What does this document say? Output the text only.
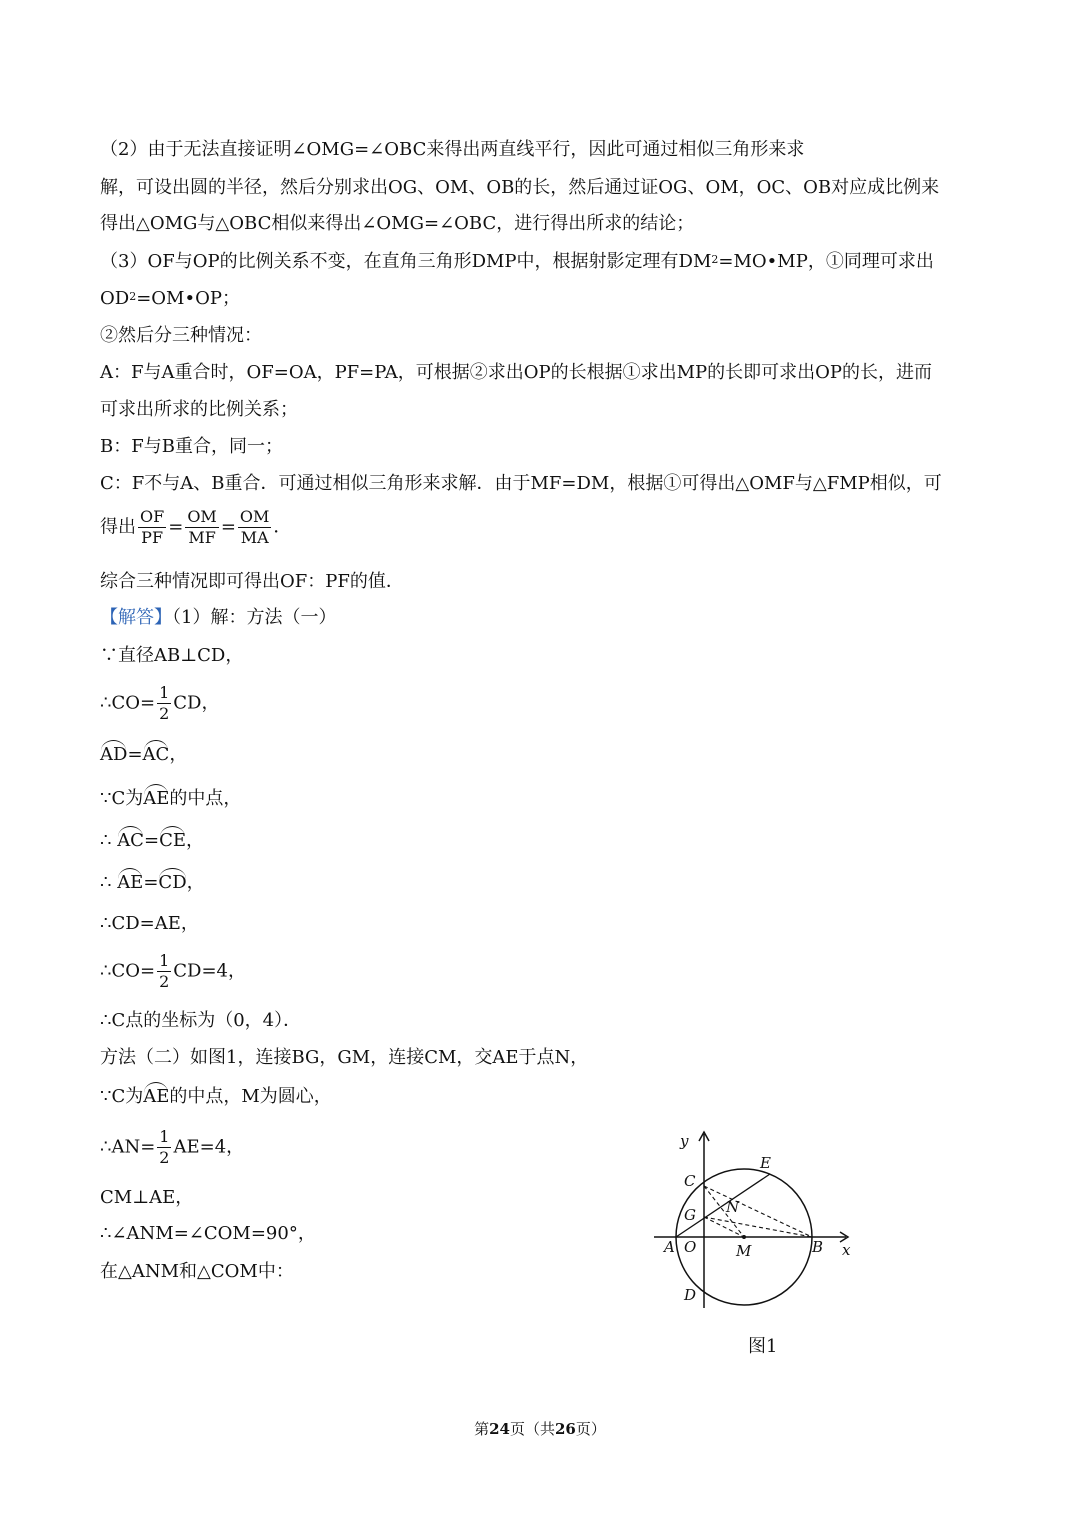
（2）由于无法直接证明∠OMG=∠OBC来得出两直线平行，因此可通过相似三角形来求
解，可设出圆的半径，然后分别求出OG、OM、OB的长，然后通过证OG、OM，OC、OB对应成比例来
得出△OMG与△OBC相似来得出∠OMG=∠OBC，进行得出所求的结论；
（3）OF与OP的比例关系不变，在直角三角形DMP中，根据射影定理有$DM^2=MO•MP$，①同理可求出
$OD^2=OM•OP$；
②然后分三种情况：
A：F与A重合时，OF=OA，PF=PA，可根据②求出OP的长根据①求出MP的长即可求出OP的长，进而
可求出所求的比例关系；
B：F与B重合，同一；
C：F不与A、B重合．可通过相似三角形来求解．由于MF=DM，根据①可得出△OMF与△FMP相似，可
得出 $\frac{OF}{PF} = \frac{OM}{MF} = \frac{OM}{MA}$ ．
综合三种情况即可得出OF：PF的值．
【解答】（1）解：方法（一）
∵直径AB⊥CD，
∴CO= $\frac{1}{2}$ CD，
AD=AC，
∵C为AE的中点，
∴ AC=CE，
∴ AE=CD，
∴CD=AE，
∴CO= $\frac{1}{2} CD=4$，
∴C点的坐标为（0，4）．
方法（二）如图1，连接BG，GM，连接CM，交AE于点N，
∵C为AE的中点，M为圆心，
∴AN= $\frac{1}{2} AE=4$，
CM⊥AE，
∴∠ANM=∠COM=90°，
在△ANM和△COM中：
y
x
E
C
N
G
A O	M	B
D
图1
第24页（共26页）
